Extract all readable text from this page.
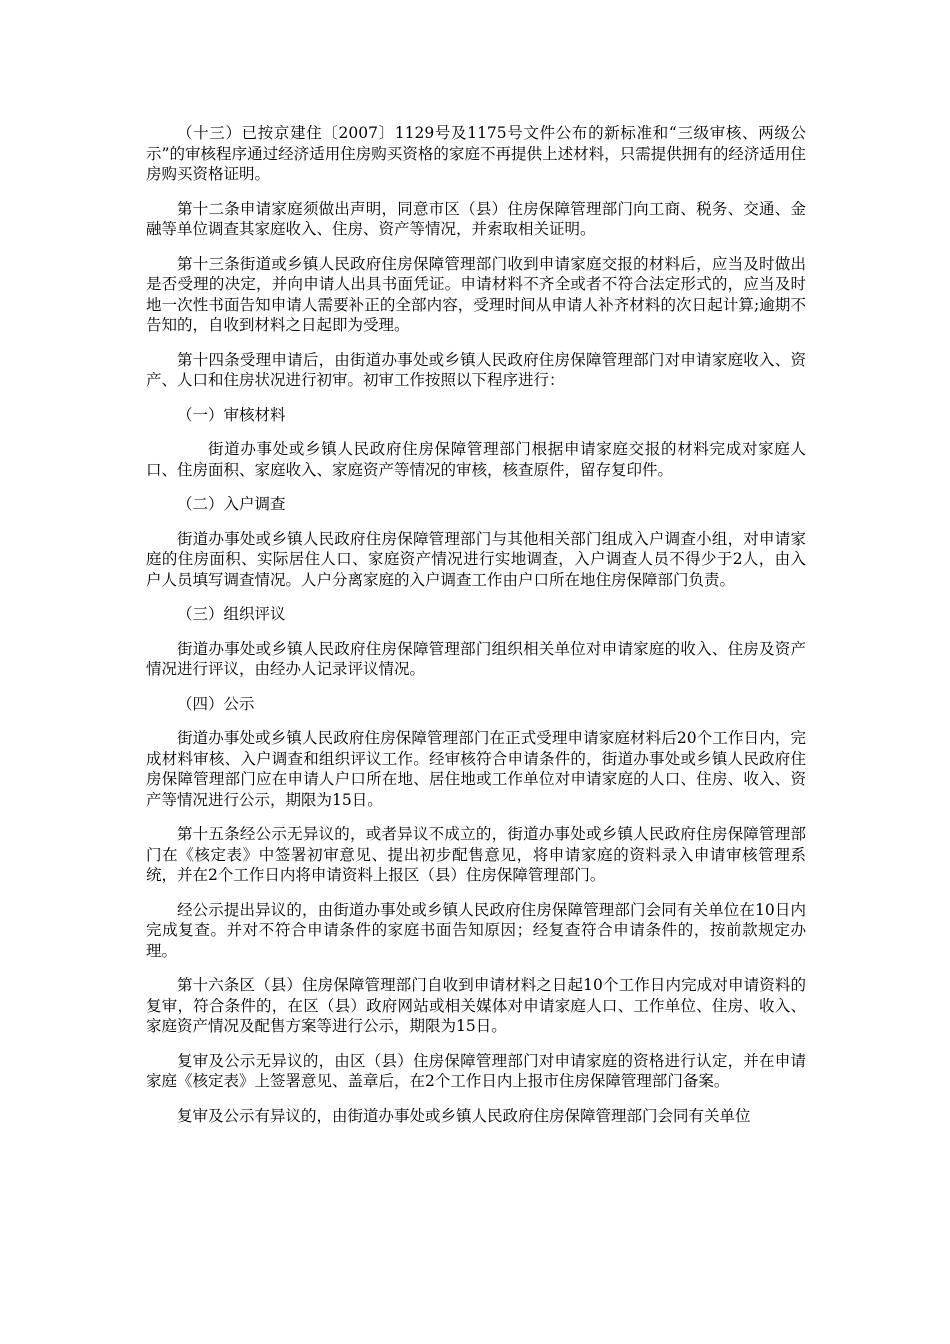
（十三）已按京建住〔2007〕1129号及1175号文件公布的新标准和“三级审核、两级公示”的审核程序通过经济适用住房购买资格的家庭不再提供上述材料，只需提供拥有的经济适用住房购买资格证明。

第十二条申请家庭须做出声明，同意市区（县）住房保障管理部门向工商、税务、交通、金融等单位调查其家庭收入、住房、资产等情况，并索取相关证明。

第十三条街道或乡镇人民政府住房保障管理部门收到申请家庭交报的材料后，应当及时做出是否受理的决定，并向申请人出具书面凭证。申请材料不齐全或者不符合法定形式的，应当及时地一次性书面告知申请人需要补正的全部内容，受理时间从申请人补齐材料的次日起计算;逾期不告知的，自收到材料之日起即为受理。

第十四条受理申请后，由街道办事处或乡镇人民政府住房保障管理部门对申请家庭收入、资产、人口和住房状况进行初审。初审工作按照以下程序进行：

（一）审核材料

街道办事处或乡镇人民政府住房保障管理部门根据申请家庭交报的材料完成对家庭人口、住房面积、家庭收入、家庭资产等情况的审核，核查原件，留存复印件。

（二）入户调查

街道办事处或乡镇人民政府住房保障管理部门与其他相关部门组成入户调查小组，对申请家庭的住房面积、实际居住人口、家庭资产情况进行实地调查，入户调查人员不得少于2人，由入户人员填写调查情况。人户分离家庭的入户调查工作由户口所在地住房保障部门负责。

（三）组织评议

街道办事处或乡镇人民政府住房保障管理部门组织相关单位对申请家庭的收入、住房及资产情况进行评议，由经办人记录评议情况。

（四）公示

街道办事处或乡镇人民政府住房保障管理部门在正式受理申请家庭材料后20个工作日内，完成材料审核、入户调查和组织评议工作。经审核符合申请条件的，街道办事处或乡镇人民政府住房保障管理部门应在申请人户口所在地、居住地或工作单位对申请家庭的人口、住房、收入、资产等情况进行公示，期限为15日。

第十五条经公示无异议的，或者异议不成立的，街道办事处或乡镇人民政府住房保障管理部门在《核定表》中签署初审意见、提出初步配售意见，将申请家庭的资料录入申请审核管理系统，并在2个工作日内将申请资料上报区（县）住房保障管理部门。

经公示提出异议的，由街道办事处或乡镇人民政府住房保障管理部门会同有关单位在10日内完成复查。并对不符合申请条件的家庭书面告知原因；经复查符合申请条件的，按前款规定办理。

第十六条区（县）住房保障管理部门自收到申请材料之日起10个工作日内完成对申请资料的复审，符合条件的，在区（县）政府网站或相关媒体对申请家庭人口、工作单位、住房、收入、家庭资产情况及配售方案等进行公示，期限为15日。

复审及公示无异议的，由区（县）住房保障管理部门对申请家庭的资格进行认定，并在申请家庭《核定表》上签署意见、盖章后，在2个工作日内上报市住房保障管理部门备案。

复审及公示有异议的，由街道办事处或乡镇人民政府住房保障管理部门会同有关单位
